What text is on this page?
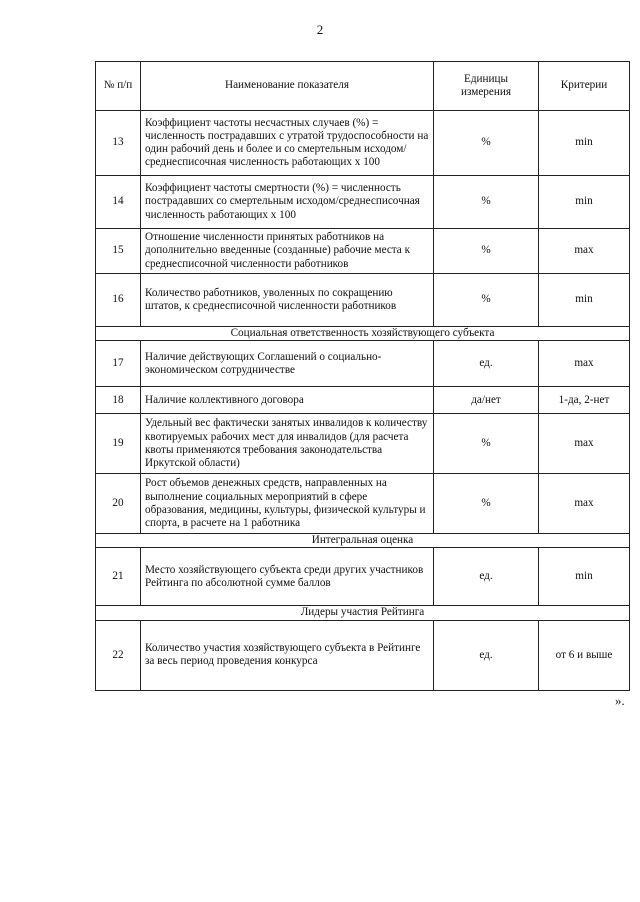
2
№ п/п	Наименование показателя	Единицы измерения	Критерии
13	Коэффициент частоты несчастных случаев (%) = численность пострадавших с утратой трудоспособности на один рабочий день и более и со смертельным исходом/среднесписочная численность работающих x 100	%	min
14	Коэффициент частоты смертности (%) = численность пострадавших со смертельным исходом/среднесписочная численность работающих x 100	%	min
15	Отношение численности принятых работников на дополнительно введенные (созданные) рабочие места к среднесписочной численности работников	%	max
16	Количество работников, уволенных по сокращению штатов, к среднесписочной численности работников	%	min
Социальная ответственность хозяйствующего субъекта			
17	Наличие действующих Соглашений о социально-экономическом сотрудничестве	ед.	max
18	Наличие коллективного договора	да/нет	1-да, 2-нет
19	Удельный вес фактически занятых инвалидов к количеству квотируемых рабочих мест для инвалидов (для расчета квоты применяются требования законодательства Иркутской области)	%	max
20	Рост объемов денежных средств, направленных на выполнение социальных мероприятий в сфере образования, медицины, культуры, физической культуры и спорта, в расчете на 1 работника	%	max
Интегральная оценка			
21	Место хозяйствующего субъекта среди других участников Рейтинга по абсолютной сумме баллов	ед.	min
Лидеры участия Рейтинга			
22	Количество участия хозяйствующего субъекта в Рейтинге за весь период проведения конкурса	ед.	от 6 и выше
».
